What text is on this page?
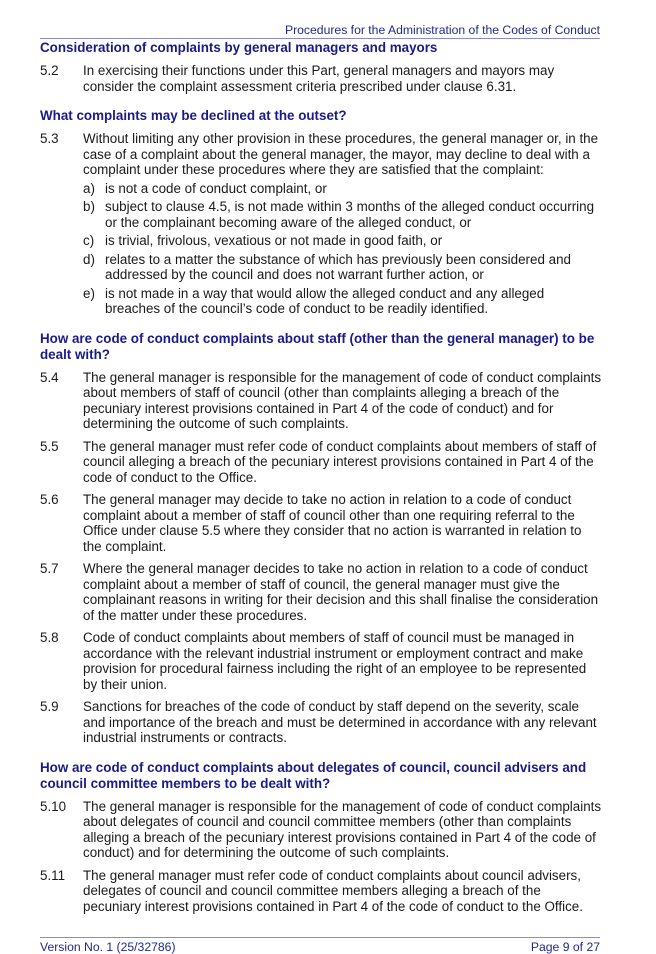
Procedures for the Administration of the Codes of Conduct
Consideration of complaints by general managers and mayors
5.2	In exercising their functions under this Part, general managers and mayors may consider the complaint assessment criteria prescribed under clause 6.31.
What complaints may be declined at the outset?
5.3	Without limiting any other provision in these procedures, the general manager or, in the case of a complaint about the general manager, the mayor, may decline to deal with a complaint under these procedures where they are satisfied that the complaint:
a) is not a code of conduct complaint, or
b) subject to clause 4.5, is not made within 3 months of the alleged conduct occurring or the complainant becoming aware of the alleged conduct, or
c) is trivial, frivolous, vexatious or not made in good faith, or
d) relates to a matter the substance of which has previously been considered and addressed by the council and does not warrant further action, or
e) is not made in a way that would allow the alleged conduct and any alleged breaches of the council’s code of conduct to be readily identified.
How are code of conduct complaints about staff (other than the general manager) to be dealt with?
5.4	The general manager is responsible for the management of code of conduct complaints about members of staff of council (other than complaints alleging a breach of the pecuniary interest provisions contained in Part 4 of the code of conduct) and for determining the outcome of such complaints.
5.5	The general manager must refer code of conduct complaints about members of staff of council alleging a breach of the pecuniary interest provisions contained in Part 4 of the code of conduct to the Office.
5.6	The general manager may decide to take no action in relation to a code of conduct complaint about a member of staff of council other than one requiring referral to the Office under clause 5.5 where they consider that no action is warranted in relation to the complaint.
5.7	Where the general manager decides to take no action in relation to a code of conduct complaint about a member of staff of council, the general manager must give the complainant reasons in writing for their decision and this shall finalise the consideration of the matter under these procedures.
5.8	Code of conduct complaints about members of staff of council must be managed in accordance with the relevant industrial instrument or employment contract and make provision for procedural fairness including the right of an employee to be represented by their union.
5.9	Sanctions for breaches of the code of conduct by staff depend on the severity, scale and importance of the breach and must be determined in accordance with any relevant industrial instruments or contracts.
How are code of conduct complaints about delegates of council, council advisers and council committee members to be dealt with?
5.10	The general manager is responsible for the management of code of conduct complaints about delegates of council and council committee members (other than complaints alleging a breach of the pecuniary interest provisions contained in Part 4 of the code of conduct) and for determining the outcome of such complaints.
5.11	The general manager must refer code of conduct complaints about council advisers, delegates of council and council committee members alleging a breach of the pecuniary interest provisions contained in Part 4 of the code of conduct to the Office.
Version No. 1 (25/32786)	Page 9 of 27
